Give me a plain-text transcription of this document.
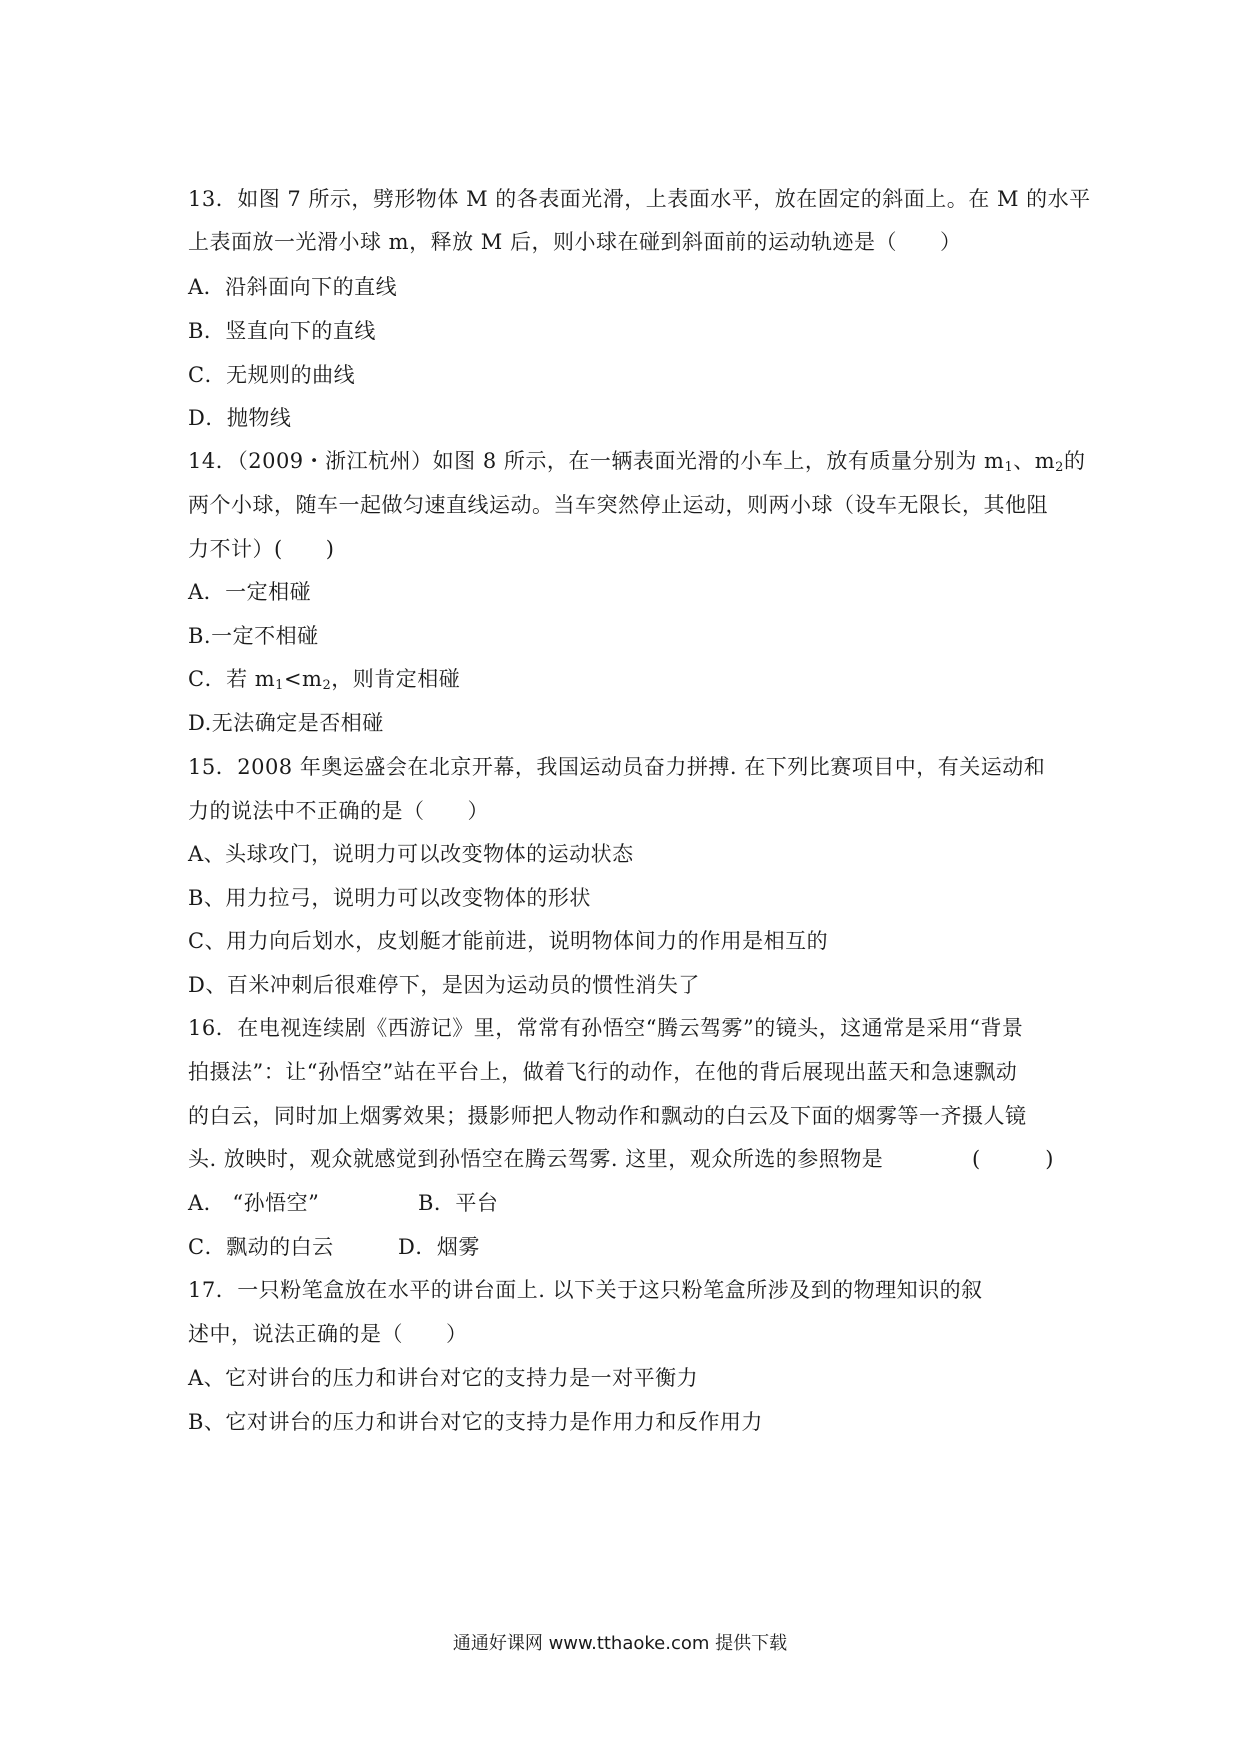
13．如图 7 所示，劈形物体 M 的各表面光滑，上表面水平，放在固定的斜面上。在 M 的水平
上表面放一光滑小球 m，释放 M 后，则小球在碰到斜面前的运动轨迹是（　　）
A．沿斜面向下的直线
B．竖直向下的直线
C．无规则的曲线
D．抛物线
14．（2009・浙江杭州）如图 8 所示，在一辆表面光滑的小车上，放有质量分别为 $m_1$、$m_2$的
两个小球，随车一起做匀速直线运动。当车突然停止运动，则两小球（设车无限长，其他阻
力不计）(　　)
A．一定相碰
B.一定不相碰
C．若 $m_1<m_2$，则肯定相碰
D.无法确定是否相碰
15．2008 年奥运盛会在北京开幕，我国运动员奋力拼搏. 在下列比赛项目中，有关运动和
力的说法中不正确的是（　　）
A、头球攻门，说明力可以改变物体的运动状态
B、用力拉弓，说明力可以改变物体的形状
C、用力向后划水，皮划艇才能前进，说明物体间力的作用是相互的
D、百米冲刺后很难停下，是因为运动员的惯性消失了
16．在电视连续剧《西游记》里，常常有孙悟空“腾云驾雾”的镜头，这通常是采用“背景
拍摄法”：让“孙悟空”站在平台上，做着飞行的动作，在他的背后展现出蓝天和急速飘动
的白云，同时加上烟雾效果；摄影师把人物动作和飘动的白云及下面的烟雾等一齐摄人镜
头. 放映时，观众就感觉到孙悟空在腾云驾雾. 这里，观众所选的参照物是	(　　　)
A． “孙悟空”	B．平台
C．飘动的白云	D．烟雾
17．一只粉笔盒放在水平的讲台面上. 以下关于这只粉笔盒所涉及到的物理知识的叙
述中，说法正确的是（　　）
A、它对讲台的压力和讲台对它的支持力是一对平衡力
B、它对讲台的压力和讲台对它的支持力是作用力和反作用力
通通好课网 www.tthaoke.com 提供下载
